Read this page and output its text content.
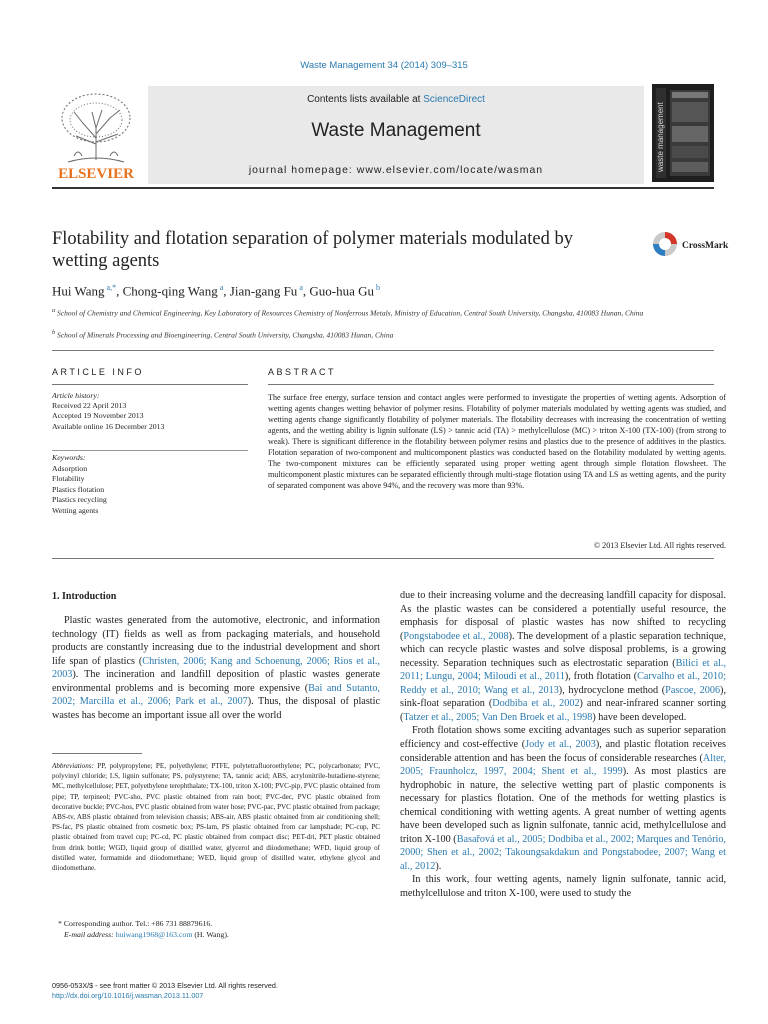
Waste Management 34 (2014) 309–315
ELSEVIER
Contents lists available at ScienceDirect
Waste Management
journal homepage: www.elsevier.com/locate/wasman	waste management
Flotability and flotation separation of polymer materials modulated by wetting agents
CrossMark
Hui Wang $^{a,*}$, Chong-qing Wang $^a$, Jian-gang Fu $^a$, Guo-hua Gu $^b$
$^a$ School of Chemistry and Chemical Engineering, Key Laboratory of Resources Chemistry of Nonferrous Metals, Ministry of Education, Central South University, Changsha, 410083 Hunan, China
$^b$ School of Minerals Processing and Bioengineering, Central South University, Changsha, 410083 Hunan, China
ARTICLE INFO	ABSTRACT
Article history:
Received 22 April 2013
Accepted 19 November 2013
Available online 16 December 2013
Keywords:
Adsorption
Flotability
Plastics flotation
Plastics recycling
Wetting agents
The surface free energy, surface tension and contact angles were performed to investigate the properties of wetting agents. Adsorption of wetting agents changes wetting behavior of polymer resins. Flotability of polymer materials modulated by wetting agents was studied, and wetting agents change significantly flotability of polymer materials. The flotability decreases with increasing the concentration of wetting agents, and the wetting ability is lignin sulfonate (LS) > tannic acid (TA) > methylcellulose (MC) > triton X-100 (TX-100) (from strong to weak). There is significant difference in the flotability between polymer resins and plastics due to the presence of additives in the plastics. Flotation separation of two-component and multicomponent plastics was conducted based on the flotability modulated by wetting agents. The two-component mixtures can be efficiently separated using proper wetting agent through simple flotation flowsheet. The multicomponent plastic mixtures can be separated efficiently through multi-stage flotation using TA and LS as wetting agents, and the purity of separated component was above 94%, and the recovery was more than 93%.
© 2013 Elsevier Ltd. All rights reserved.
1. Introduction

Plastic wastes generated from the automotive, electronic, and information technology (IT) fields as well as from packaging materials, and household products are constantly increasing due to the industrial development and short life span of plastics (Christen, 2006; Kang and Schoenung, 2006; Rios et al., 2003). The incineration and landfill deposition of plastic wastes generate environmental problems and is becoming more expensive (Bai and Sutanto, 2002; Marcilla et al., 2006; Park et al., 2007). Thus, the disposal of plastic wastes has become an important issue all over the world

due to their increasing volume and the decreasing landfill capacity for disposal. As the plastic wastes can be considered a potentially useful resource, the emphasis for disposal of plastic wastes has now shifted to recycling (Pongstabodee et al., 2008). The development of a plastic separation technique, which can recycle plastic wastes and solve disposal problems, is a growing necessity. Separation techniques such as electrostatic separation (Bilici et al., 2011; Lungu, 2004; Miloudi et al., 2011), froth flotation (Carvalho et al., 2010; Reddy et al., 2010; Wang et al., 2013), hydrocyclone method (Pascoe, 2006), sink-float separation (Dodbiba et al., 2002) and near-infrared scanner sorting (Tatzer et al., 2005; Van Den Broek et al., 1998) have been developed.

Froth flotation shows some exciting advantages such as superior separation efficiency and cost-effective (Jody et al., 2003), and plastic flotation receives considerable attention and has been the focus of considerable researches (Alter, 2005; Fraunholcz, 1997, 2004; Shent et al., 1999). As most plastics are hydrophobic in nature, the selective wetting part of plastic components is necessary for plastics flotation. One of the methods for wetting plastics is chemical conditioning with wetting agents. A great number of wetting agents have been developed such as lignin sulfonate, tannic acid, methylcellulose and triton X-100 (Basařová et al., 2005; Dodbiba et al., 2002; Marques and Tenório, 2000; Shen et al., 2002; Takoungsakdakun and Pongstabodee, 2007; Wang et al., 2012).

In this work, four wetting agents, namely lignin sulfonate, tannic acid, methylcellulose and triton X-100, were used to study the

Abbreviations: PP, polypropylene; PE, polyethylene; PTFE, polytetrafluoroethylene; PC, polycarbonate; PVC, polyvinyl chloride; LS, lignin sulfonate; PS, polystyrene; TA, tannic acid; ABS, acrylonitrile-butadiene-styrene; MC, methylcellulose; PET, polyethylene terephthalate; TX-100, triton X-100; PVC-pip, PVC plastic obtained from pipe; TP, terpineol; PVC-sho, PVC plastic obtained from rain boot; PVC-dec, PVC plastic obtained from decorative buckle; PVC-hos, PVC plastic obtained from water hose; PVC-pac, PVC plastic obtained from package; ABS-tv, ABS plastic obtained from television chassis; ABS-air, ABS plastic obtained from air conditioning shell; PS-fac, PS plastic obtained from cosmetic box; PS-lam, PS plastic obtained from car lampshade; PC-cup, PC plastic obtained from travel cup; PC-cd, PC plastic obtained from compact disc; PET-dri, PET plastic obtained from drink bottle; WGD, liquid group of distilled water, glycerol and diiodomethane; WFD, liquid group of distilled water, formamide and diiodomethane; WED, liquid group of distilled water, ethylene glycol and diiodomethane.
* Corresponding author. Tel.: +86 731 88879616.
E-mail address: huiwang1968@163.com (H. Wang).
0956-053X/$ - see front matter © 2013 Elsevier Ltd. All rights reserved.
http://dx.doi.org/10.1016/j.wasman.2013.11.007
